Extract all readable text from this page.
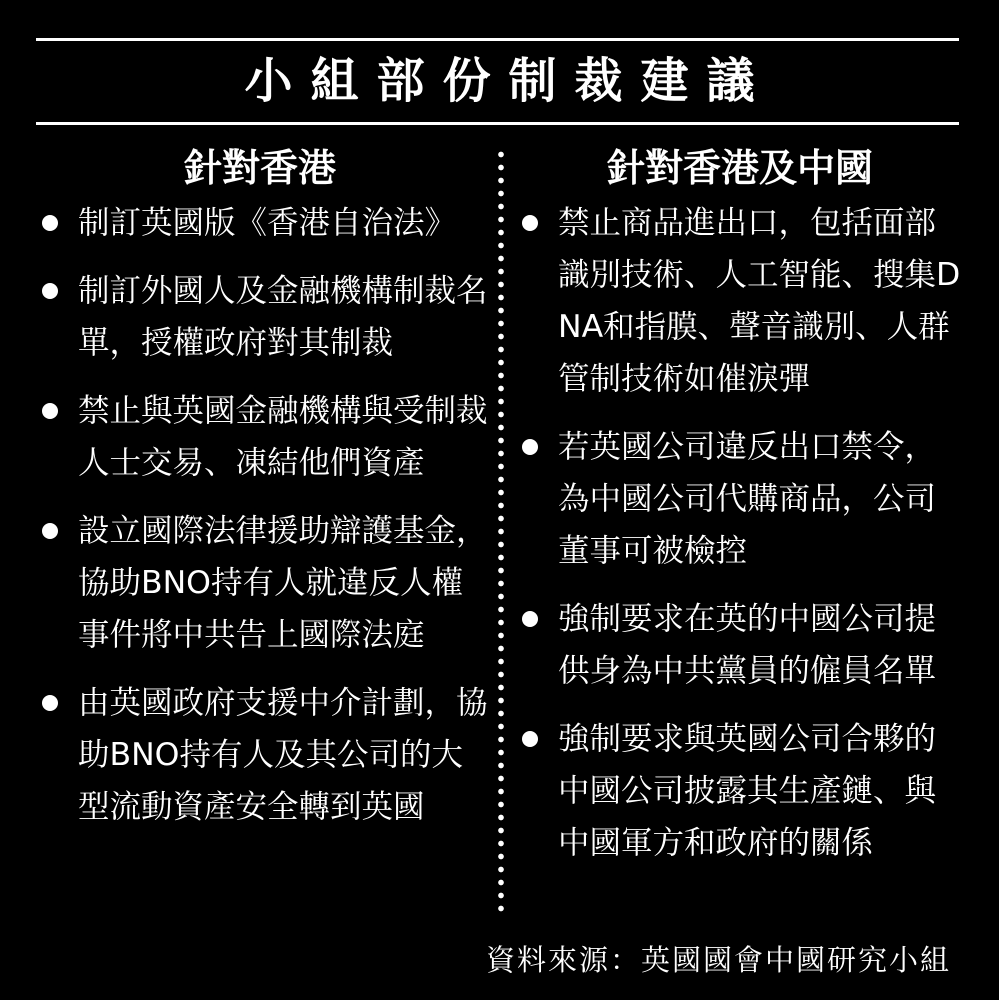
小組部份制裁建議
針對香港	針對香港及中國
制訂英國版《香港自治法》
制訂外國人及金融機構制裁名單，授權政府對其制裁
禁止與英國金融機構與受制裁人士交易、凍結他們資產
設立國際法律援助辯護基金，協助BNO持有人就違反人權事件將中共告上國際法庭
由英國政府支援中介計劃，協助BNO持有人及其公司的大型流動資產安全轉到英國
禁止商品進出口，包括面部識別技術、人工智能、搜集DNA和指膜、聲音識別、人群管制技術如催淚彈
若英國公司違反出口禁令，為中國公司代購商品，公司董事可被檢控
強制要求在英的中國公司提供身為中共黨員的僱員名單
強制要求與英國公司合夥的中國公司披露其生產鏈、與中國軍方和政府的關係
資料來源：英國國會中國研究小組
